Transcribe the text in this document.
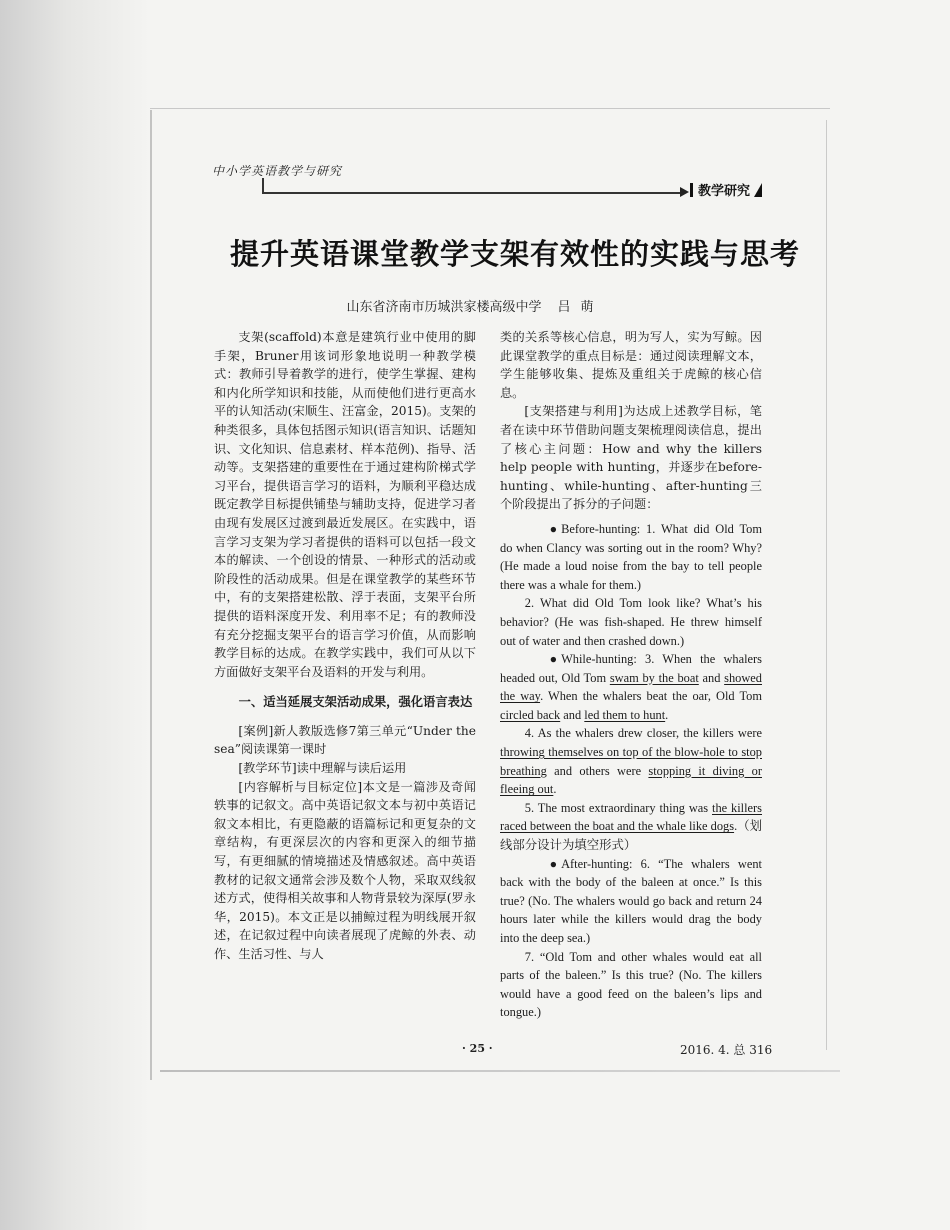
中小学英语教学与研究
教学研究
提升英语课堂教学支架有效性的实践与思考
山东省济南市历城洪家楼高级中学 吕萌

支架(scaffold)本意是建筑行业中使用的脚手架，Bruner用该词形象地说明一种教学模式：教师引导着教学的进行，使学生掌握、建构和内化所学知识和技能，从而使他们进行更高水平的认知活动(宋顺生、汪富金，2015)。支架的种类很多，具体包括图示知识(语言知识、话题知识、文化知识、信息素材、样本范例)、指导、活动等。支架搭建的重要性在于通过建构阶梯式学习平台，提供语言学习的语料，为顺利平稳达成既定教学目标提供铺垫与辅助支持，促进学习者由现有发展区过渡到最近发展区。在实践中，语言学习支架为学习者提供的语料可以包括一段文本的解读、一个创设的情景、一种形式的活动或阶段性的活动成果。但是在课堂教学的某些环节中，有的支架搭建松散、浮于表面，支架平台所提供的语料深度开发、利用率不足；有的教师没有充分挖掘支架平台的语言学习价值，从而影响教学目标的达成。在教学实践中，我们可从以下方面做好支架平台及语料的开发与利用。

一、适当延展支架活动成果，强化语言表达

[案例]新人教版选修7第三单元“Under the sea”阅读课第一课时

[教学环节]读中理解与读后运用

[内容解析与目标定位]本文是一篇涉及奇闻轶事的记叙文。高中英语记叙文本与初中英语记叙文本相比，有更隐蔽的语篇标记和更复杂的文章结构，有更深层次的内容和更深入的细节描写，有更细腻的情境描述及情感叙述。高中英语教材的记叙文通常会涉及数个人物，采取双线叙述方式，使得相关故事和人物背景较为深厚(罗永华，2015)。本文正是以捕鲸过程为明线展开叙述，在记叙过程中向读者展现了虎鲸的外表、动作、生活习性、与人

类的关系等核心信息，明为写人，实为写鲸。因此课堂教学的重点目标是：通过阅读理解文本，学生能够收集、提炼及重组关于虎鲸的核心信息。

[支架搭建与利用]为达成上述教学目标，笔者在读中环节借助问题支架梳理阅读信息，提出了核心主问题：How and why the killers help people with hunting，并逐步在before-hunting、while-hunting、after-hunting三个阶段提出了拆分的子问题：

● Before-hunting: 1. What did Old Tom do when Clancy was sorting out in the room? Why? (He made a loud noise from the bay to tell people there was a whale for them.)

2. What did Old Tom look like? What’s his behavior? (He was fish-shaped. He threw himself out of water and then crashed down.)

● While-hunting: 3. When the whalers headed out, Old Tom swam by the boat and showed the way. When the whalers beat the oar, Old Tom circled back and led them to hunt.

4. As the whalers drew closer, the killers were throwing themselves on top of the blow-hole to stop breathing and others were stopping it diving or fleeing out.

5. The most extraordinary thing was the killers raced between the boat and the whale like dogs.（划线部分设计为填空形式）

● After-hunting: 6. “The whalers went back with the body of the baleen at once.” Is this true? (No. The whalers would go back and return 24 hours later while the killers would drag the body into the deep sea.)

7. “Old Tom and other whales would eat all parts of the baleen.” Is this true? (No. The killers would have a good feed on the baleen’s lips and tongue.)

· 25 ·	2016. 4. 总 316
